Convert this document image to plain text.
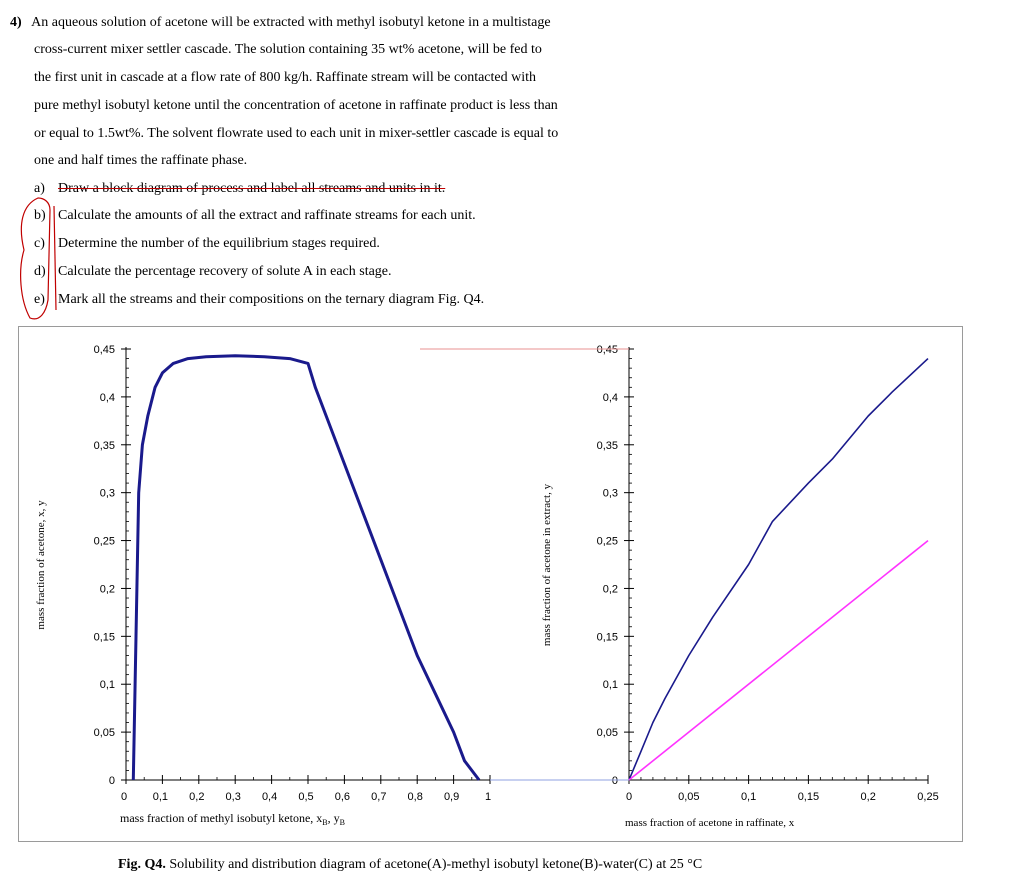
4) An aqueous solution of acetone will be extracted with methyl isobutyl ketone in a multistage
cross-current mixer settler cascade. The solution containing 35 wt% acetone, will be fed to
the first unit in cascade at a flow rate of 800 kg/h. Raffinate stream will be contacted with
pure methyl isobutyl ketone until the concentration of acetone in raffinate product is less than
or equal to 1.5wt%. The solvent flowrate used to each unit in mixer-settler cascade is equal to
one and half times the raffinate phase.
a) Draw a block diagram of process and label all streams and units in it.
b) Calculate the amounts of all the extract and raffinate streams for each unit.
c) Determine the number of the equilibrium stages required.
d) Calculate the percentage recovery of solute A in each stage.
e) Mark all the streams and their compositions on the ternary diagram Fig. Q4.
0
0,05
0,1
0,15
0,2
0,25
0,3
0,35
0,4
0,45
0 0,1 0,2 0,3 0,4 0,5 0,6 0,7 0,8 0,9 1
mass fraction of methyl isobutyl ketone, $x_B$, $y_B$
mass fraction of acetone, x, y
0
0,05
0,1
0,15
0,2
0,25
0,3
0,35
0,4
0,45
0	0,05	0,1	0,15	0,2	0,25
mass fraction of acetone in raffinate, x
mass fraction of acetone in extract, y
Fig. Q4. Solubility and distribution diagram of acetone(A)-methyl isobutyl ketone(B)-water(C) at 25 °C
